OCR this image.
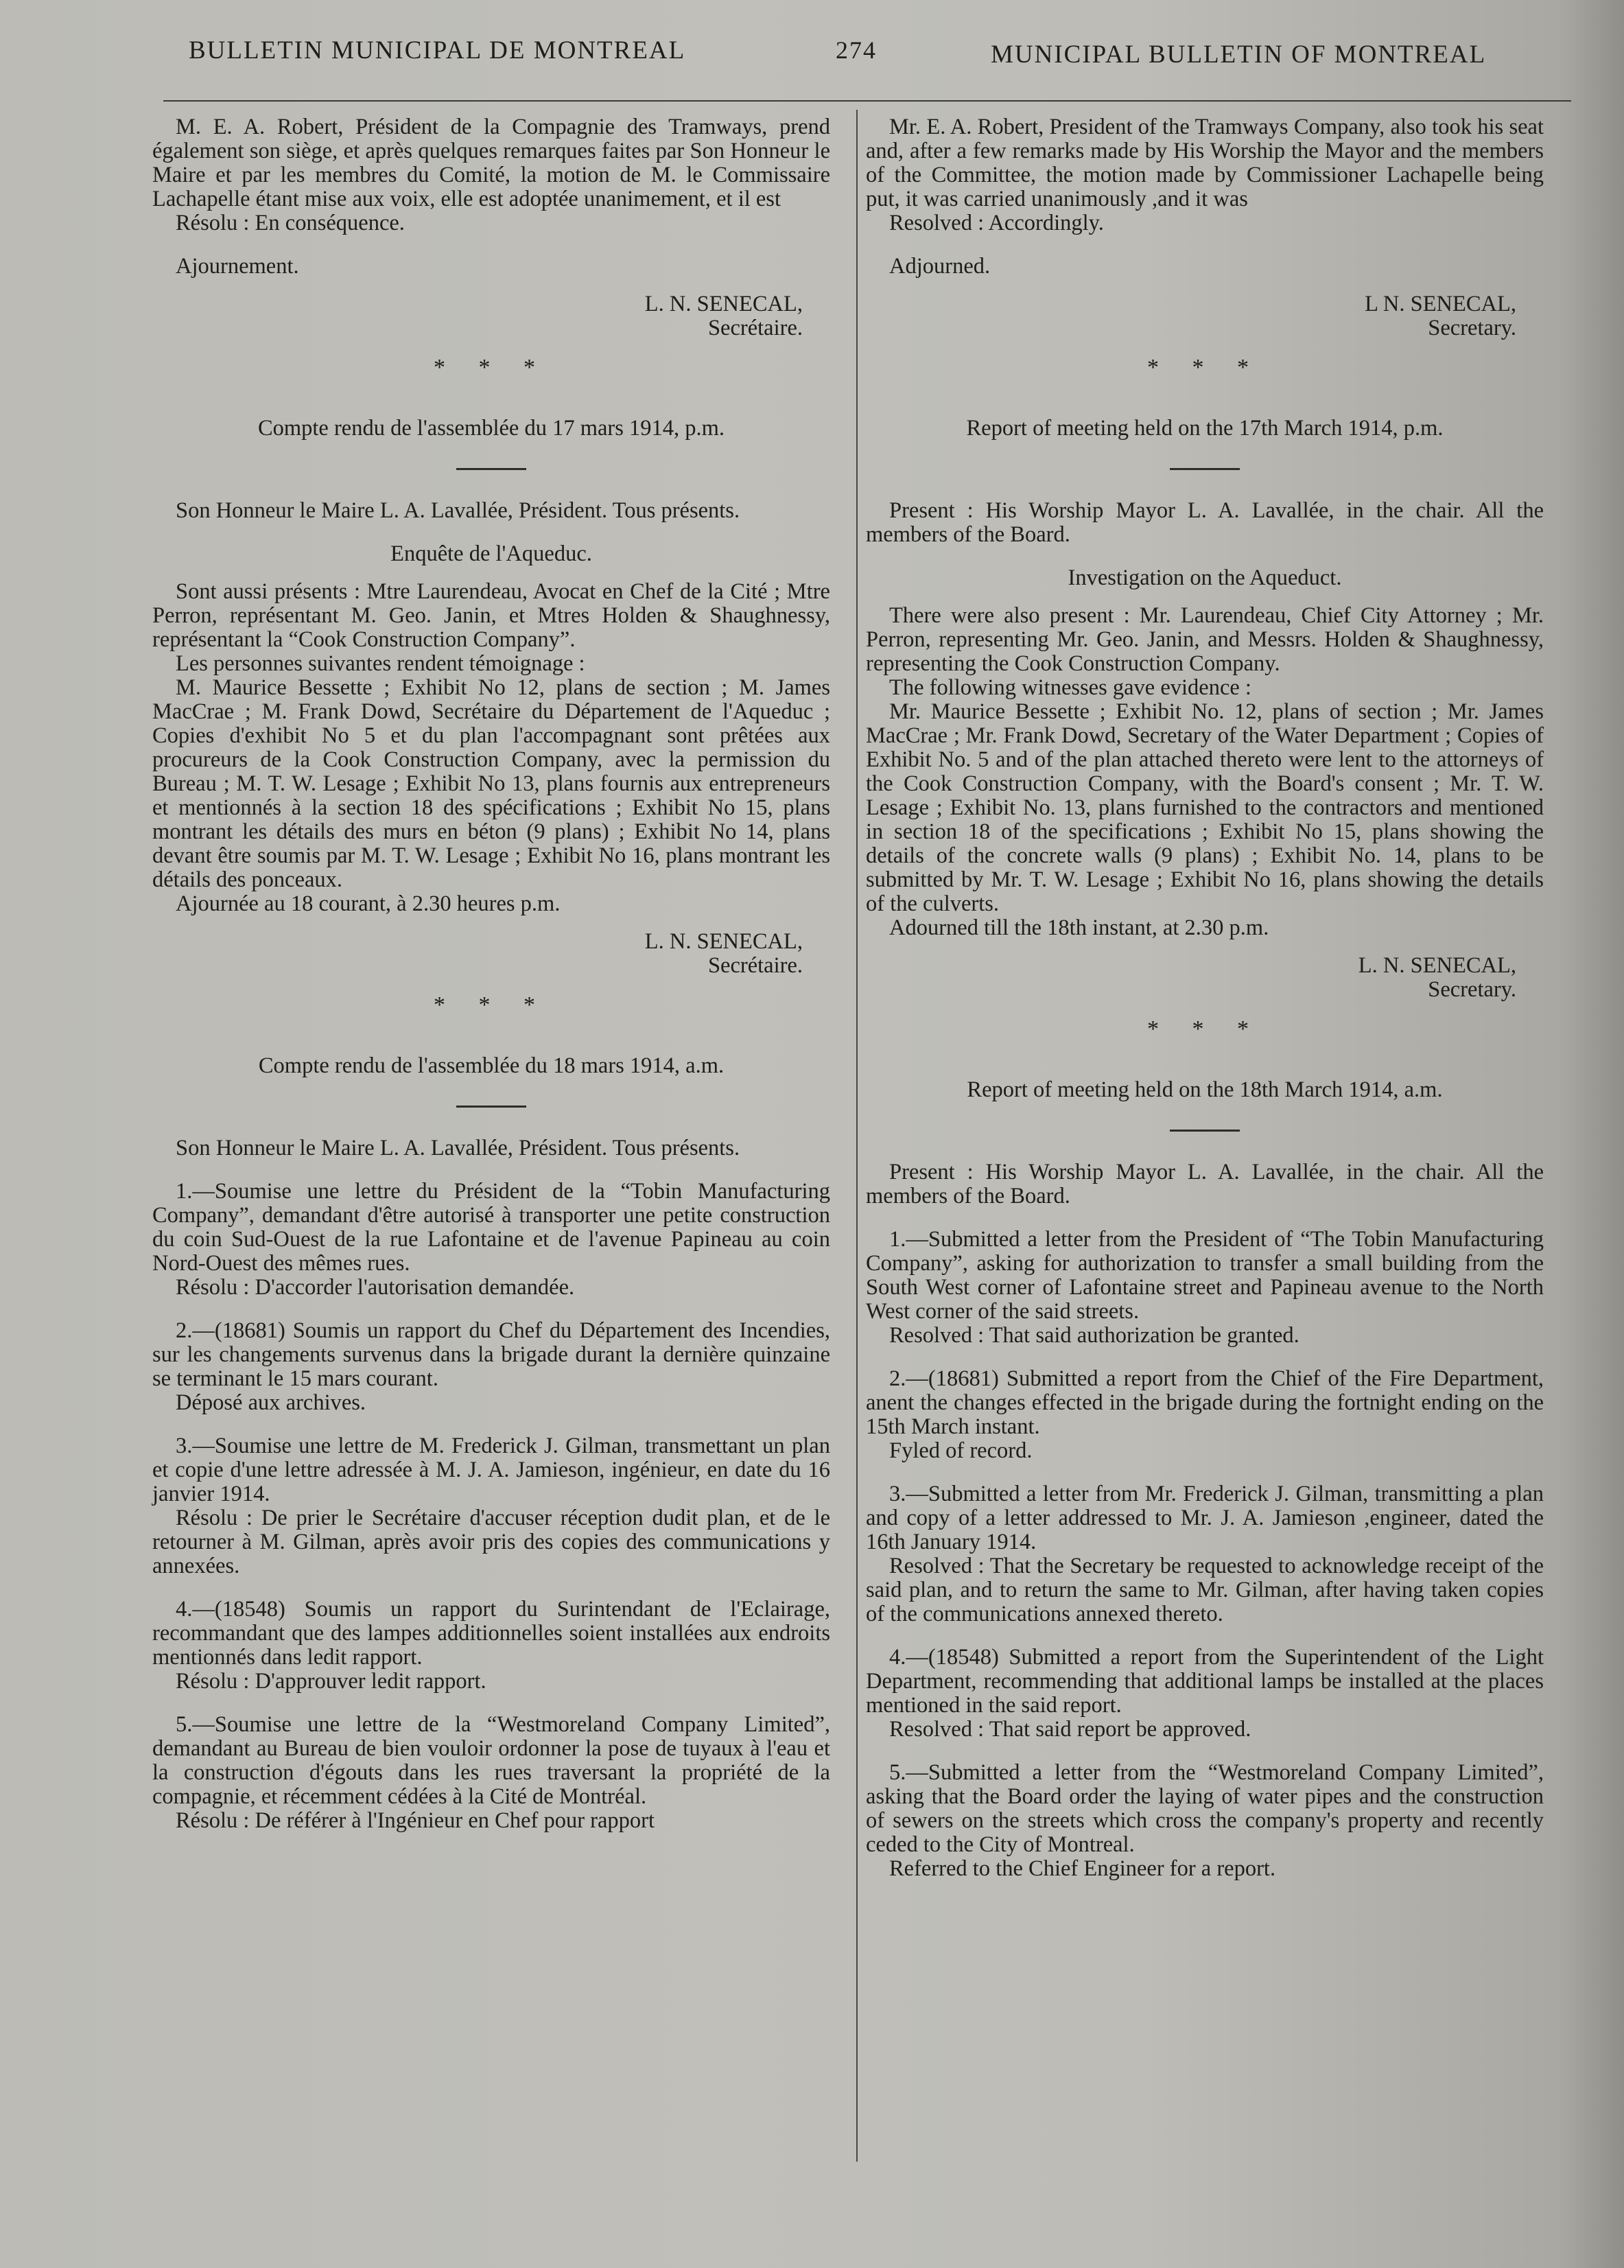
BULLETIN MUNICIPAL DE MONTREAL	274	MUNICIPAL BULLETIN OF MONTREAL

M. E. A. Robert, Président de la Compagnie des Tramways, prend également son siège, et après quelques remarques faites par Son Honneur le Maire et par les membres du Comité, la motion de M. le Commissaire Lachapelle étant mise aux voix, elle est adoptée unanimement, et il est

Résolu : En conséquence.

Ajournement.

L. N. SENECAL,

Secrétaire.

* * *

Compte rendu de l'assemblée du 17 mars 1914, p.m.

Son Honneur le Maire L. A. Lavallée, Président. Tous présents.

Enquête de l'Aqueduc.

Sont aussi présents : Mtre Laurendeau, Avocat en Chef de la Cité ; Mtre Perron, représentant M. Geo. Janin, et Mtres Holden & Shaughnessy, représentant la “Cook Construction Company”.

Les personnes suivantes rendent témoignage :

M. Maurice Bessette ; Exhibit No 12, plans de section ; M. James MacCrae ; M. Frank Dowd, Secrétaire du Département de l'Aqueduc ; Copies d'exhibit No 5 et du plan l'accompagnant sont prêtées aux procureurs de la Cook Construction Company, avec la permission du Bureau ; M. T. W. Lesage ; Exhibit No 13, plans fournis aux entrepreneurs et mentionnés à la section 18 des spécifications ; Exhibit No 15, plans montrant les détails des murs en béton (9 plans) ; Exhibit No 14, plans devant être soumis par M. T. W. Lesage ; Exhibit No 16, plans montrant les détails des ponceaux.

Ajournée au 18 courant, à 2.30 heures p.m.

L. N. SENECAL,

Secrétaire.

* * *

Compte rendu de l'assemblée du 18 mars 1914, a.m.

Son Honneur le Maire L. A. Lavallée, Président. Tous présents.

1.—Soumise une lettre du Président de la “Tobin Manufacturing Company”, demandant d'être autorisé à transporter une petite construction du coin Sud-Ouest de la rue Lafontaine et de l'avenue Papineau au coin Nord-Ouest des mêmes rues.

Résolu : D'accorder l'autorisation demandée.

2.—(18681) Soumis un rapport du Chef du Département des Incendies, sur les changements survenus dans la brigade durant la dernière quinzaine se terminant le 15 mars courant.

Déposé aux archives.

3.—Soumise une lettre de M. Frederick J. Gilman, transmettant un plan et copie d'une lettre adressée à M. J. A. Jamieson, ingénieur, en date du 16 janvier 1914.

Résolu : De prier le Secrétaire d'accuser réception dudit plan, et de le retourner à M. Gilman, après avoir pris des copies des communications y annexées.

4.—(18548) Soumis un rapport du Surintendant de l'Eclairage, recommandant que des lampes additionnelles soient installées aux endroits mentionnés dans ledit rapport.

Résolu : D'approuver ledit rapport.

5.—Soumise une lettre de la “Westmoreland Company Limited”, demandant au Bureau de bien vouloir ordonner la pose de tuyaux à l'eau et la construction d'égouts dans les rues traversant la propriété de la compagnie, et récemment cédées à la Cité de Montréal.

Résolu : De référer à l'Ingénieur en Chef pour rapport

Mr. E. A. Robert, President of the Tramways Company, also took his seat and, after a few remarks made by His Worship the Mayor and the members of the Committee, the motion made by Commissioner Lachapelle being put, it was carried unanimously ,and it was

Resolved : Accordingly.

Adjourned.

L N. SENECAL,

Secretary.

* * *

Report of meeting held on the 17th March 1914, p.m.

Present : His Worship Mayor L. A. Lavallée, in the chair. All the members of the Board.

Investigation on the Aqueduct.

There were also present : Mr. Laurendeau, Chief City Attorney ; Mr. Perron, representing Mr. Geo. Janin, and Messrs. Holden & Shaughnessy, representing the Cook Construction Company.

The following witnesses gave evidence :

Mr. Maurice Bessette ; Exhibit No. 12, plans of section ; Mr. James MacCrae ; Mr. Frank Dowd, Secretary of the Water Department ; Copies of Exhibit No. 5 and of the plan attached thereto were lent to the attorneys of the Cook Construction Company, with the Board's consent ; Mr. T. W. Lesage ; Exhibit No. 13, plans furnished to the contractors and mentioned in section 18 of the specifications ; Exhibit No 15, plans showing the details of the concrete walls (9 plans) ; Exhibit No. 14, plans to be submitted by Mr. T. W. Lesage ; Exhibit No 16, plans showing the details of the culverts.

Adourned till the 18th instant, at 2.30 p.m.

L. N. SENECAL,

Secretary.

* * *

Report of meeting held on the 18th March 1914, a.m.

Present : His Worship Mayor L. A. Lavallée, in the chair. All the members of the Board.

1.—Submitted a letter from the President of “The Tobin Manufacturing Company”, asking for authorization to transfer a small building from the South West corner of Lafontaine street and Papineau avenue to the North West corner of the said streets.

Resolved : That said authorization be granted.

2.—(18681) Submitted a report from the Chief of the Fire Department, anent the changes effected in the brigade during the fortnight ending on the 15th March instant.

Fyled of record.

3.—Submitted a letter from Mr. Frederick J. Gilman, transmitting a plan and copy of a letter addressed to Mr. J. A. Jamieson ,engineer, dated the 16th January 1914.

Resolved : That the Secretary be requested to acknowledge receipt of the said plan, and to return the same to Mr. Gilman, after having taken copies of the communications annexed thereto.

4.—(18548) Submitted a report from the Superintendent of the Light Department, recommending that additional lamps be installed at the places mentioned in the said report.

Resolved : That said report be approved.

5.—Submitted a letter from the “Westmoreland Company Limited”, asking that the Board order the laying of water pipes and the construction of sewers on the streets which cross the company's property and recently ceded to the City of Montreal.

Referred to the Chief Engineer for a report.
